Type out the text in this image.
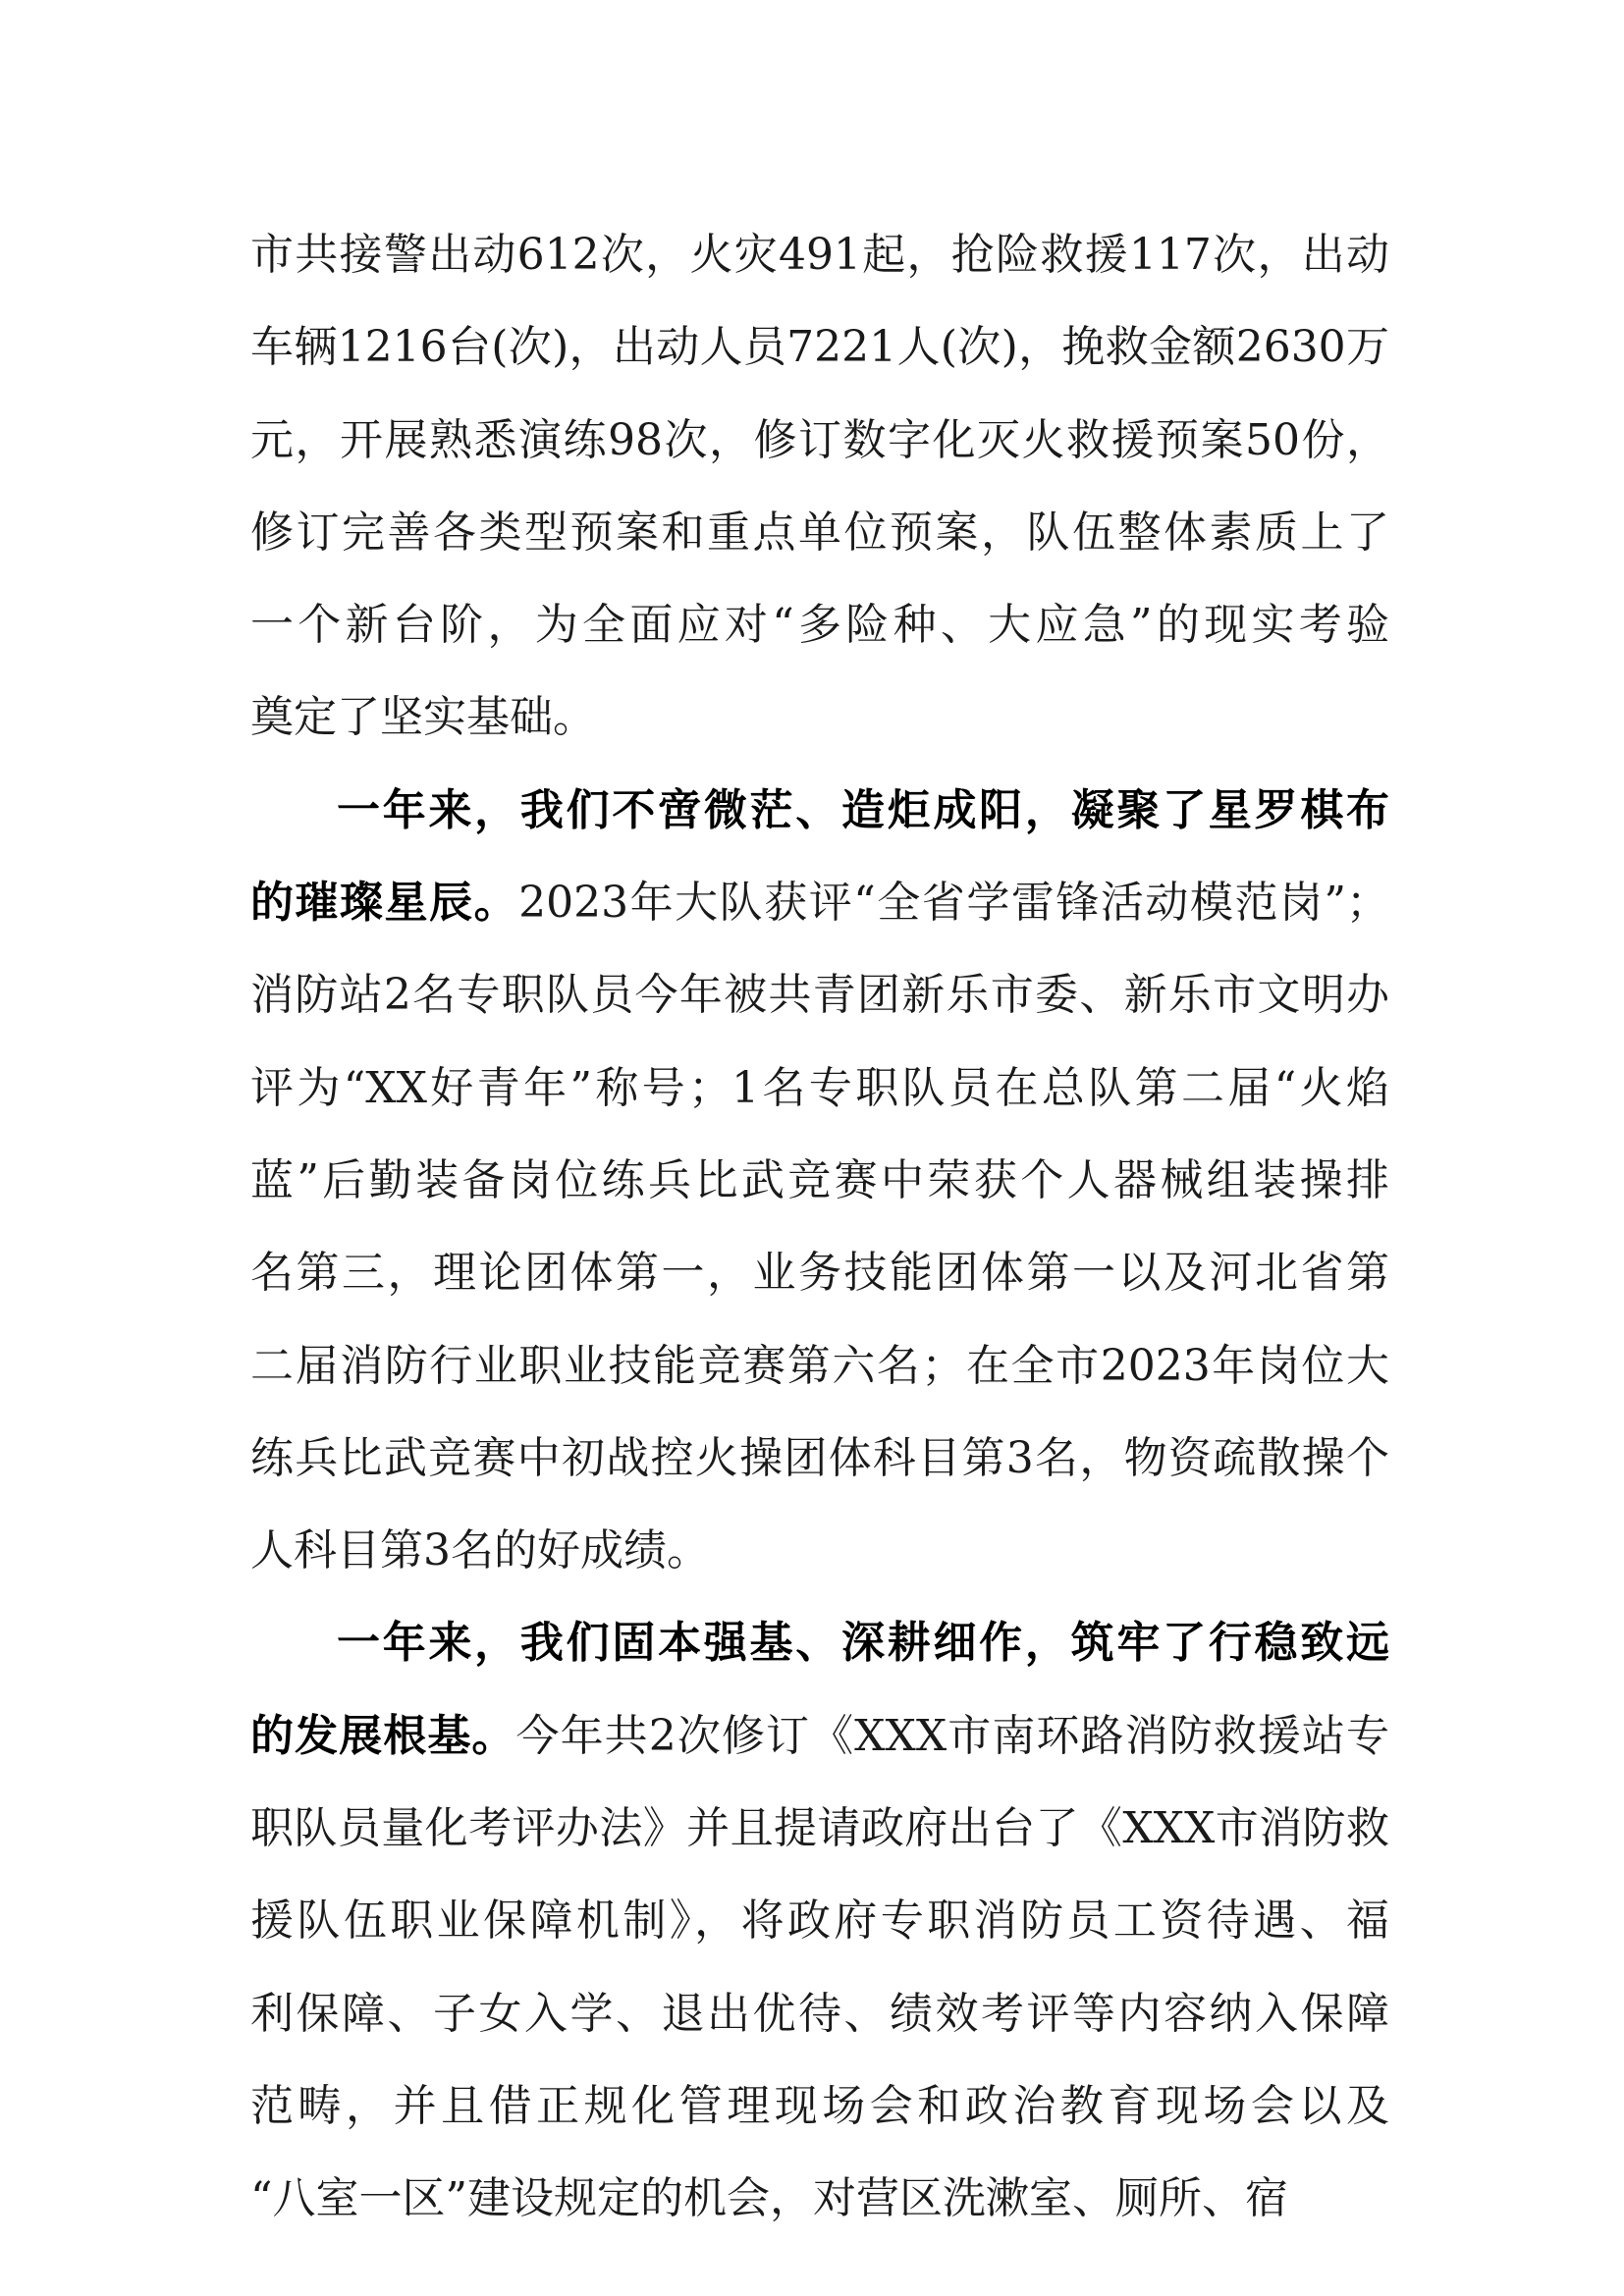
市共接警出动612次，火灾491起，抢险救援117次，出动
车辆1216台(次)，出动人员7221人(次)，挽救金额2630万
元，开展熟悉演练98次，修订数字化灭火救援预案50份，
修订完善各类型预案和重点单位预案，队伍整体素质上了
一个新台阶，为全面应对“多险种、大应急”的现实考验
奠定了坚实基础。
一年来，我们不啻微茫、造炬成阳，凝聚了星罗棋布
的璀璨星辰。2023年大队获评“全省学雷锋活动模范岗”；
消防站2名专职队员今年被共青团新乐市委、新乐市文明办
评为“XX好青年”称号；1名专职队员在总队第二届“火焰
蓝”后勤装备岗位练兵比武竞赛中荣获个人器械组装操排
名第三，理论团体第一，业务技能团体第一以及河北省第
二届消防行业职业技能竞赛第六名；在全市2023年岗位大
练兵比武竞赛中初战控火操团体科目第3名，物资疏散操个
人科目第3名的好成绩。
一年来，我们固本强基、深耕细作，筑牢了行稳致远
的发展根基。今年共2次修订《XXX市南环路消防救援站专
职队员量化考评办法》并且提请政府出台了《XXX市消防救
援队伍职业保障机制》，将政府专职消防员工资待遇、福
利保障、子女入学、退出优待、绩效考评等内容纳入保障
范畴，并且借正规化管理现场会和政治教育现场会以及
“八室一区”建设规定的机会，对营区洗漱室、厕所、宿
